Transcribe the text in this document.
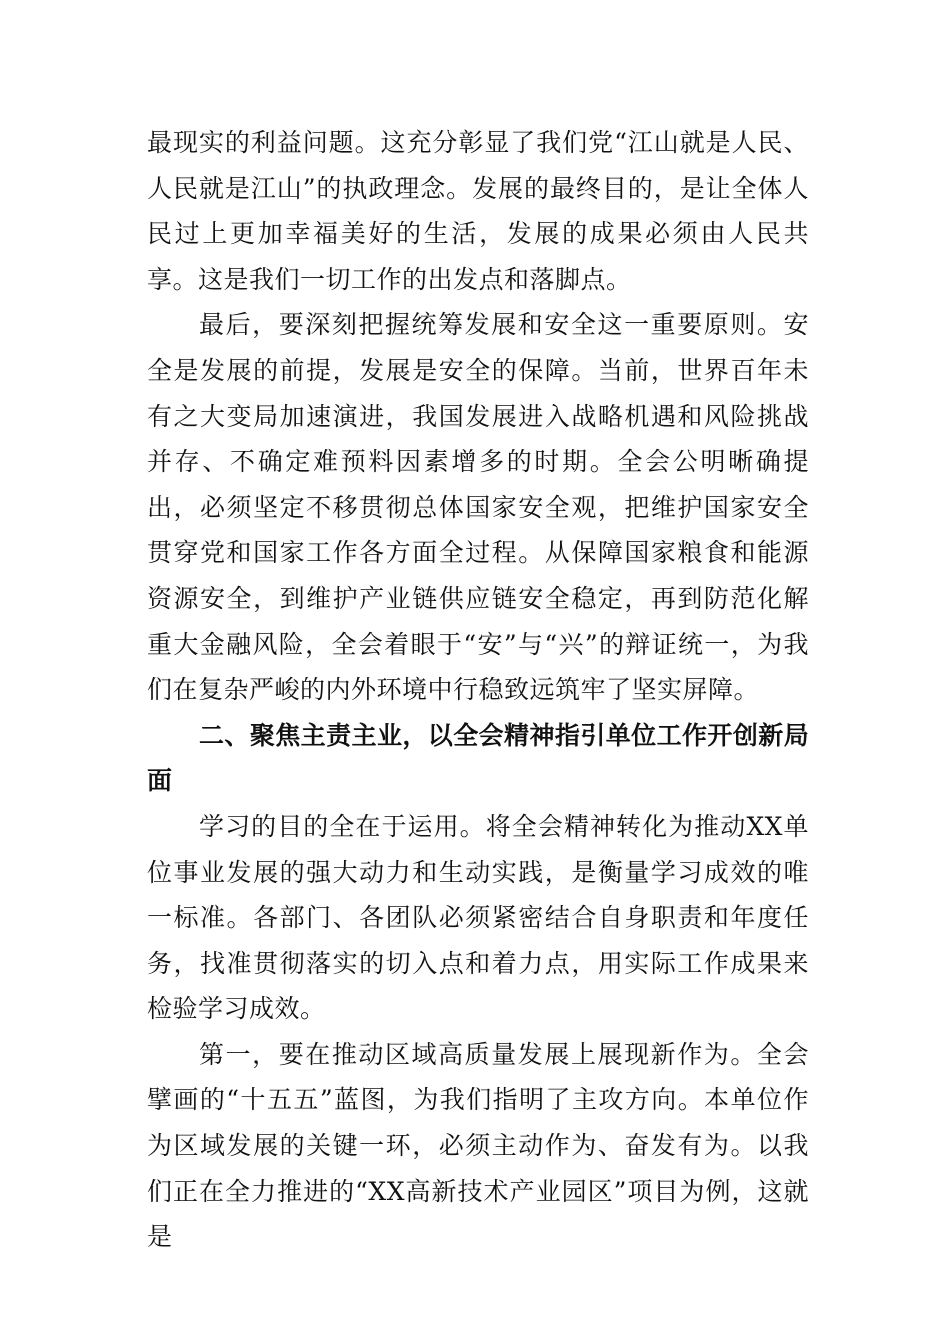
最现实的利益问题。这充分彰显了我们党“江山就是人民、人民就是江山”的执政理念。发展的最终目的，是让全体人民过上更加幸福美好的生活，发展的成果必须由人民共享。这是我们一切工作的出发点和落脚点。

最后，要深刻把握统筹发展和安全这一重要原则。安全是发展的前提，发展是安全的保障。当前，世界百年未有之大变局加速演进，我国发展进入战略机遇和风险挑战并存、不确定难预料因素增多的时期。全会公明晰确提出，必须坚定不移贯彻总体国家安全观，把维护国家安全贯穿党和国家工作各方面全过程。从保障国家粮食和能源资源安全，到维护产业链供应链安全稳定，再到防范化解重大金融风险，全会着眼于“安”与“兴”的辩证统一，为我们在复杂严峻的内外环境中行稳致远筑牢了坚实屏障。

二、聚焦主责主业，以全会精神指引单位工作开创新局面

学习的目的全在于运用。将全会精神转化为推动XX单位事业发展的强大动力和生动实践，是衡量学习成效的唯一标准。各部门、各团队必须紧密结合自身职责和年度任务，找准贯彻落实的切入点和着力点，用实际工作成果来检验学习成效。

第一，要在推动区域高质量发展上展现新作为。全会擘画的“十五五”蓝图，为我们指明了主攻方向。本单位作为区域发展的关键一环，必须主动作为、奋发有为。以我们正在全力推进的“XX高新技术产业园区”项目为例，这就是
